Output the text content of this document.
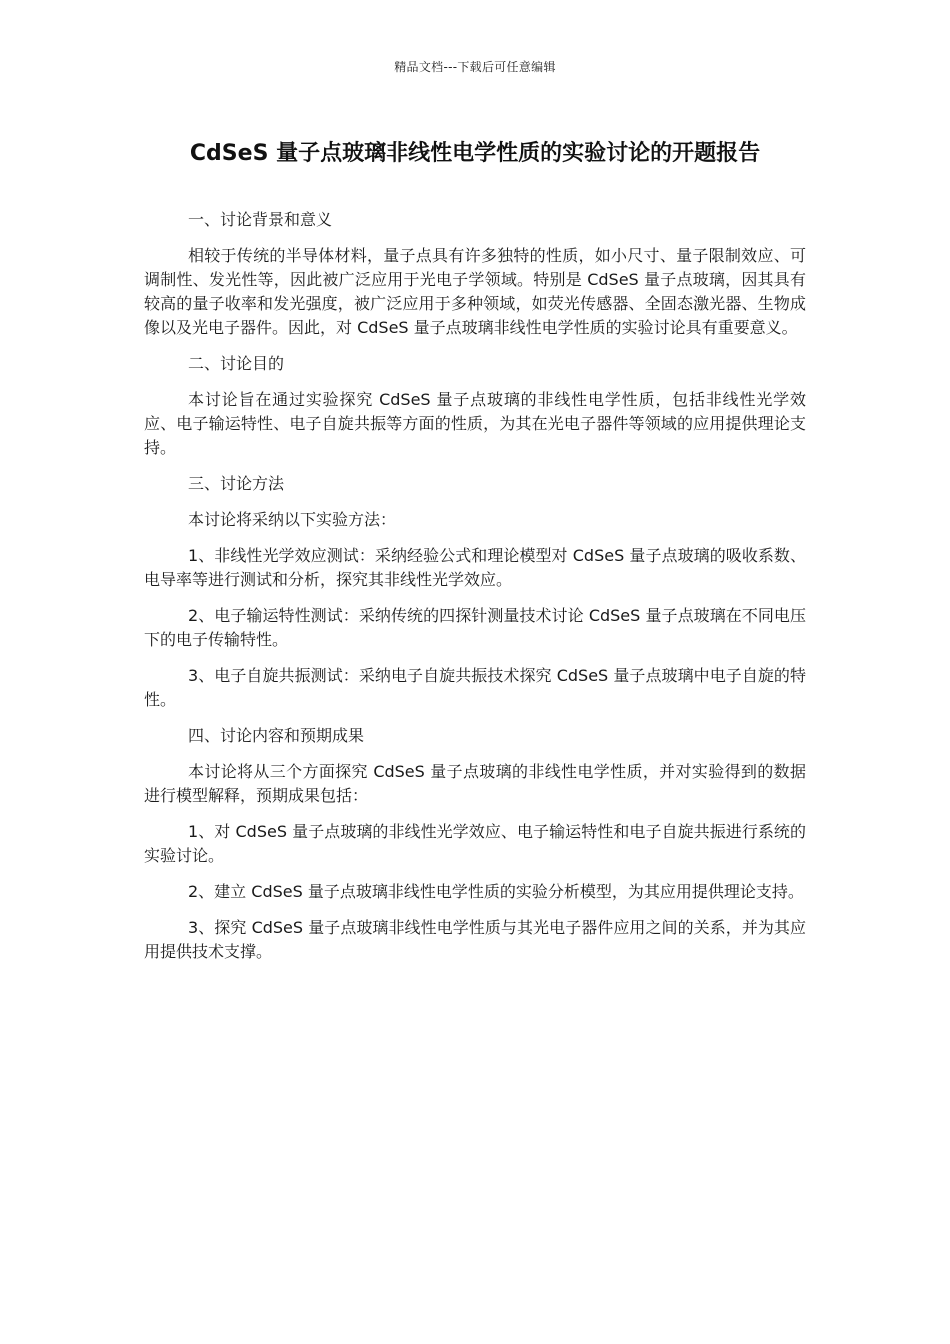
精品文档---下载后可任意编辑
CdSeS 量子点玻璃非线性电学性质的实验讨论的开题报告

一、讨论背景和意义

相较于传统的半导体材料，量子点具有许多独特的性质，如小尺寸、量子限制效应、可调制性、发光性等，因此被广泛应用于光电子学领域。特别是 CdSeS 量子点玻璃，因其具有较高的量子收率和发光强度，被广泛应用于多种领域，如荧光传感器、全固态激光器、生物成像以及光电子器件。因此，对 CdSeS 量子点玻璃非线性电学性质的实验讨论具有重要意义。

二、讨论目的

本讨论旨在通过实验探究 CdSeS 量子点玻璃的非线性电学性质，包括非线性光学效应、电子输运特性、电子自旋共振等方面的性质，为其在光电子器件等领域的应用提供理论支持。

三、讨论方法

本讨论将采纳以下实验方法：

1、非线性光学效应测试：采纳经验公式和理论模型对 CdSeS 量子点玻璃的吸收系数、电导率等进行测试和分析，探究其非线性光学效应。

2、电子输运特性测试：采纳传统的四探针测量技术讨论 CdSeS 量子点玻璃在不同电压下的电子传输特性。

3、电子自旋共振测试：采纳电子自旋共振技术探究 CdSeS 量子点玻璃中电子自旋的特性。

四、讨论内容和预期成果

本讨论将从三个方面探究 CdSeS 量子点玻璃的非线性电学性质，并对实验得到的数据进行模型解释，预期成果包括：

1、对 CdSeS 量子点玻璃的非线性光学效应、电子输运特性和电子自旋共振进行系统的实验讨论。

2、建立 CdSeS 量子点玻璃非线性电学性质的实验分析模型，为其应用提供理论支持。

3、探究 CdSeS 量子点玻璃非线性电学性质与其光电子器件应用之间的关系，并为其应用提供技术支撑。
